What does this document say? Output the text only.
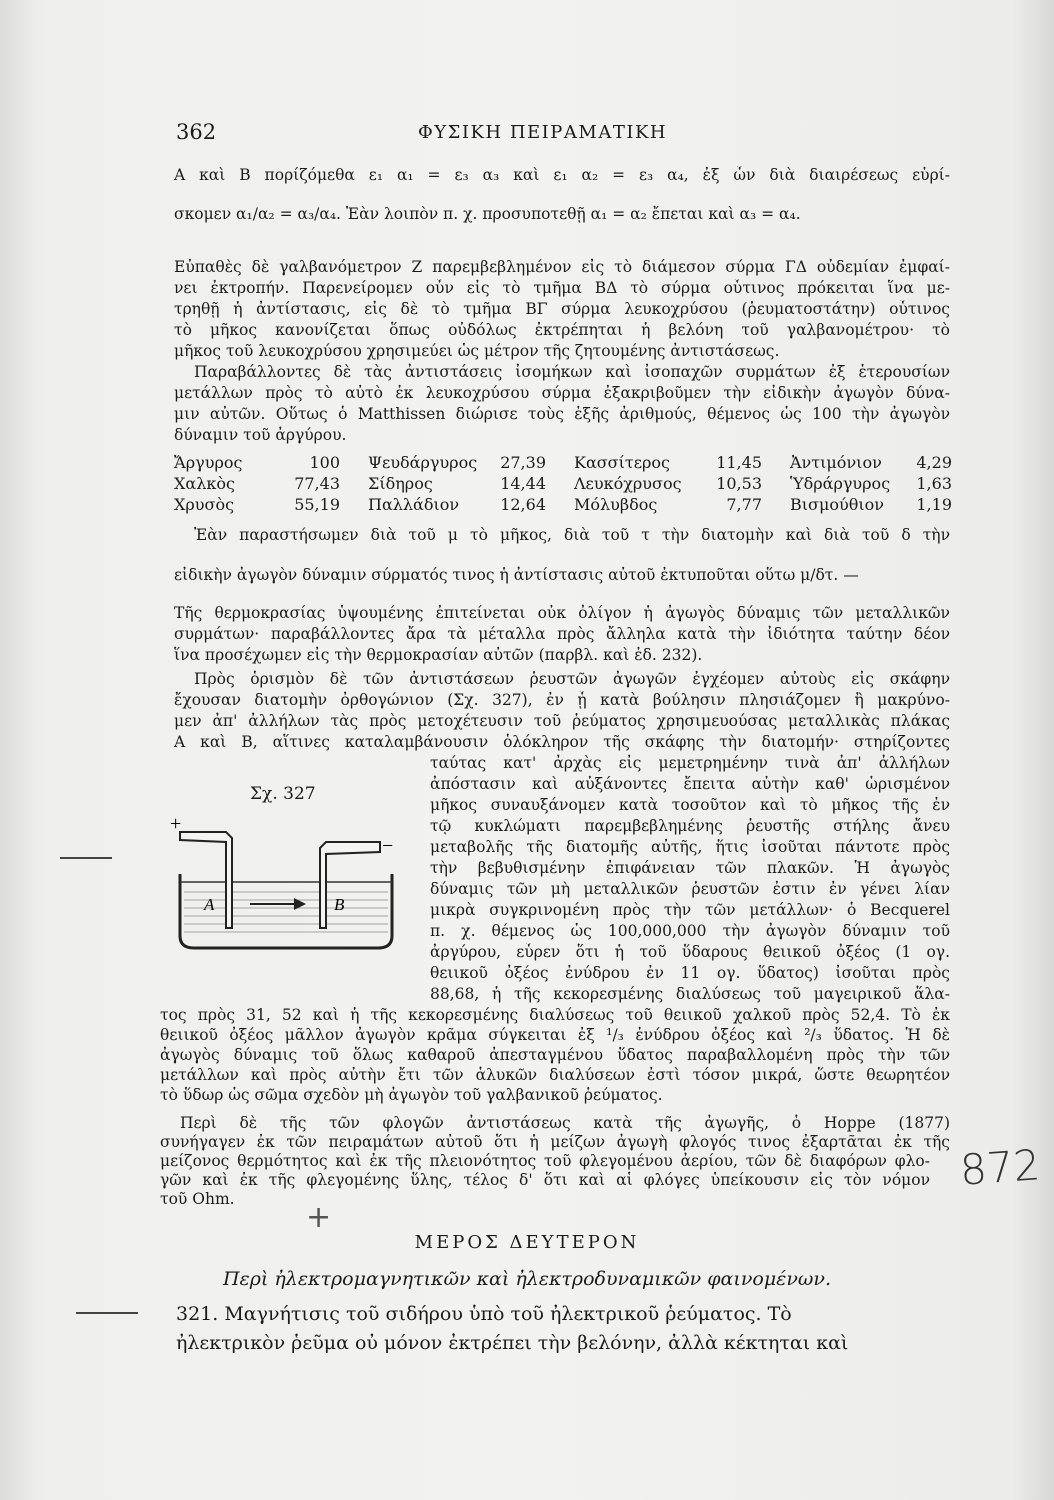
362	ΦΥΣΙΚΗ ΠΕΙΡΑΜΑΤΙΚΗ
Α καὶ Β πορίζόμεθα ε₁ α₁ = ε₃ α₃ καὶ ε₁ α₂ = ε₃ α₄, ἐξ ὧν διὰ διαιρέσεως εὑρί-
σκομεν α₁/α₂ = α₃/α₄. Ἐὰν λοιπὸν π. χ. προσυποτεθῇ α₁ = α₂ ἔπεται καὶ α₃ = α₄.
Εὐπαθὲς δὲ γαλβανόμετρον Ζ παρεμβεβλημένον εἰς τὸ διάμεσον σύρμα ΓΔ οὐδεμίαν ἐμφαί-
νει ἐκτροπήν. Παρενείρομεν οὖν εἰς τὸ τμῆμα ΒΔ τὸ σύρμα οὗτινος πρόκειται ἵνα με-
τρηθῇ ἡ ἀντίστασις, εἰς δὲ τὸ τμῆμα ΒΓ σύρμα λευκοχρύσου (ῥευματοστάτην) οὗτινος
τὸ μῆκος κανονίζεται ὅπως οὐδόλως ἐκτρέπηται ἡ βελόνη τοῦ γαλβανομέτρου· τὸ
μῆκος τοῦ λευκοχρύσου χρησιμεύει ὡς μέτρον τῆς ζητουμένης ἀντιστάσεως.
Παραβάλλοντες δὲ τὰς ἀντιστάσεις ἰσομήκων καὶ ἰσοπαχῶν συρμάτων ἐξ ἑτερουσίων
μετάλλων πρὸς τὸ αὐτὸ ἐκ λευκοχρύσου σύρμα ἐξακριβοῦμεν τὴν εἰδικὴν ἀγωγὸν δύνα-
μιν αὐτῶν. Οὕτως ὁ Matthissen διώρισε τοὺς ἑξῆς ἀριθμούς, θέμενος ὡς 100 τὴν ἀγωγὸν
δύναμιν τοῦ ἀργύρου.
Ἄργυρος	100	Ψευδάργυρος	27,39	Κασσίτερος	11,45	Ἀντιμόνιον	4,29
Χαλκὸς	77,43	Σίδηρος	14,44	Λευκόχρυσος	10,53	Ὑδράργυρος	1,63
Χρυσὸς	55,19	Παλλάδιον	12,64	Μόλυβδος	7,77	Βισμούθιον	1,19
Ἐὰν παραστήσωμεν διὰ τοῦ μ τὸ μῆκος, διὰ τοῦ τ τὴν διατομὴν καὶ διὰ τοῦ δ τὴν
εἰδικὴν ἀγωγὸν δύναμιν σύρματός τινος ἡ ἀντίστασις αὐτοῦ ἐκτυποῦται οὕτω μ/δτ. —
Τῆς θερμοκρασίας ὑψουμένης ἐπιτείνεται οὐκ ὀλίγον ἡ ἀγωγὸς δύναμις τῶν μεταλλικῶν
συρμάτων· παραβάλλοντες ἄρα τὰ μέταλλα πρὸς ἄλληλα κατὰ τὴν ἰδιότητα ταύτην δέον
ἵνα προσέχωμεν εἰς τὴν θερμοκρασίαν αὐτῶν (παρβλ. καὶ ἐδ. 232).
Πρὸς ὁρισμὸν δὲ τῶν ἀντιστάσεων ῥευστῶν ἀγωγῶν ἐγχέομεν αὐτοὺς εἰς σκάφην
ἔχουσαν διατομὴν ὀρθογώνιον (Σχ. 327), ἐν ᾗ κατὰ βούλησιν πλησιάζομεν ἢ μακρύνο-
μεν ἀπ' ἀλλήλων τὰς πρὸς μετοχέτευσιν τοῦ ῥεύματος χρησιμευούσας μεταλλικὰς πλάκας
Α καὶ Β, αἵτινες καταλαμβάνουσιν ὁλόκληρον τῆς σκάφης τὴν διατομήν· στηρίζοντες
ταύτας κατ' ἀρχὰς εἰς μεμετρημένην τινὰ ἀπ' ἀλλήλων
ἀπόστασιν καὶ αὐξάνοντες ἔπειτα αὐτὴν καθ' ὡρισμένον
μῆκος συναυξάνομεν κατὰ τοσοῦτον καὶ τὸ μῆκος τῆς ἐν
τῷ κυκλώματι παρεμβεβλημένης ῥευστῆς στήλης ἄνευ
μεταβολῆς τῆς διατομῆς αὐτῆς, ἥτις ἰσοῦται πάντοτε πρὸς
τὴν βεβυθισμένην ἐπιφάνειαν τῶν πλακῶν. Ἡ ἀγωγὸς
δύναμις τῶν μὴ μεταλλικῶν ῥευστῶν ἐστιν ἐν γένει λίαν
μικρὰ συγκρινομένη πρὸς τὴν τῶν μετάλλων· ὁ Becquerel
π. χ. θέμενος ὡς 100,000,000 τὴν ἀγωγὸν δύναμιν τοῦ
ἀργύρου, εὗρεν ὅτι ἡ τοῦ ὕδαρους θειικοῦ ὀξέος (1 ογ.
θειικοῦ ὀξέος ἐνύδρου ἐν 11 ογ. ὕδατος) ἰσοῦται πρὸς
88,68, ἡ τῆς κεκορεσμένης διαλύσεως τοῦ μαγειρικοῦ ἅλα-
Σχ. 327
Α	Β
+
−
τος πρὸς 31, 52 καὶ ἡ τῆς κεκορεσμένης διαλύσεως τοῦ θειικοῦ χαλκοῦ πρὸς 52,4. Τὸ ἐκ
θειικοῦ ὀξέος μᾶλλον ἀγωγὸν κρᾶμα σύγκειται ἐξ ¹/₃ ἐνύδρου ὀξέος καὶ ²/₃ ὕδατος. Ἡ δὲ
ἀγωγὸς δύναμις τοῦ ὅλως καθαροῦ ἀπεσταγμένου ὕδατος παραβαλλομένη πρὸς τὴν τῶν
μετάλλων καὶ πρὸς αὐτὴν ἔτι τῶν ἁλυκῶν διαλύσεων ἐστὶ τόσον μικρά, ὥστε θεωρητέον
τὸ ὕδωρ ὡς σῶμα σχεδὸν μὴ ἀγωγὸν τοῦ γαλβανικοῦ ῥεύματος.
Περὶ δὲ τῆς τῶν φλογῶν ἀντιστάσεως κατὰ τῆς ἀγωγῆς, ὁ Hoppe (1877)
συνήγαγεν ἐκ τῶν πειραμάτων αὐτοῦ ὅτι ἡ μείζων ἀγωγὴ φλογός τινος ἐξαρτᾶται ἐκ τῆς
μείζονος θερμότητος καὶ ἐκ τῆς πλειονότητος τοῦ φλεγομένου ἀερίου, τῶν δὲ διαφόρων φλο-
γῶν καὶ ἐκ τῆς φλεγομένης ὕλης, τέλος δ' ὅτι καὶ αἱ φλόγες ὑπείκουσιν εἰς τὸν νόμον
τοῦ Ohm.
ΜΕΡΟΣ ΔΕΥΤΕΡΟΝ
Περὶ ἠλεκτρομαγνητικῶν καὶ ἠλεκτροδυναμικῶν φαινομένων.
321. Μαγνήτισις τοῦ σιδήρου ὑπὸ τοῦ ἠλεκτρικοῦ ῥεύματος. Τὸ
ἠλεκτρικὸν ῥεῦμα οὐ μόνον ἐκτρέπει τὴν βελόνην, ἀλλὰ κέκτηται καὶ
872
+
